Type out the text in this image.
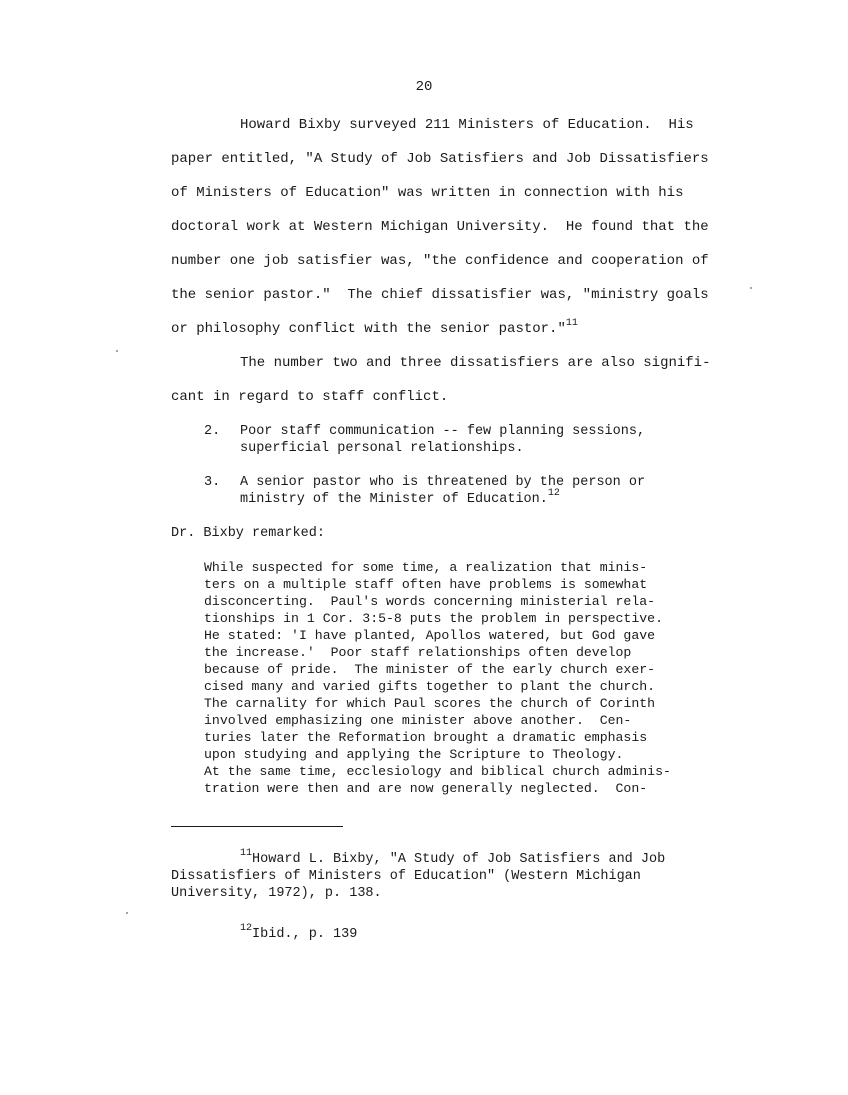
20
Howard Bixby surveyed 211 Ministers of Education.  His
paper entitled, "A Study of Job Satisfiers and Job Dissatisfiers
of Ministers of Education" was written in connection with his
doctoral work at Western Michigan University.  He found that the
number one job satisfier was, "the confidence and cooperation of
the senior pastor."  The chief dissatisfier was, "ministry goals
or philosophy conflict with the senior pastor."$^{11}$
The number two and three dissatisfiers are also signifi-
cant in regard to staff conflict.
2. Poor staff communication -- few planning sessions,
superficial personal relationships.
3. A senior pastor who is threatened by the person or
ministry of the Minister of Education.$^{12}$
Dr. Bixby remarked:
While suspected for some time, a realization that minis-
ters on a multiple staff often have problems is somewhat
disconcerting.  Paul's words concerning ministerial rela-
tionships in 1 Cor. 3:5-8 puts the problem in perspective.
He stated: 'I have planted, Apollos watered, but God gave
the increase.'  Poor staff relationships often develop
because of pride.  The minister of the early church exer-
cised many and varied gifts together to plant the church.
The carnality for which Paul scores the church of Corinth
involved emphasizing one minister above another.  Cen-
turies later the Reformation brought a dramatic emphasis
upon studying and applying the Scripture to Theology.
At the same time, ecclesiology and biblical church adminis-
tration were then and are now generally neglected.  Con-
$^{11}$Howard L. Bixby, "A Study of Job Satisfiers and Job
Dissatisfiers of Ministers of Education" (Western Michigan
University, 1972), p. 138.
$^{12}$Ibid., p. 139
